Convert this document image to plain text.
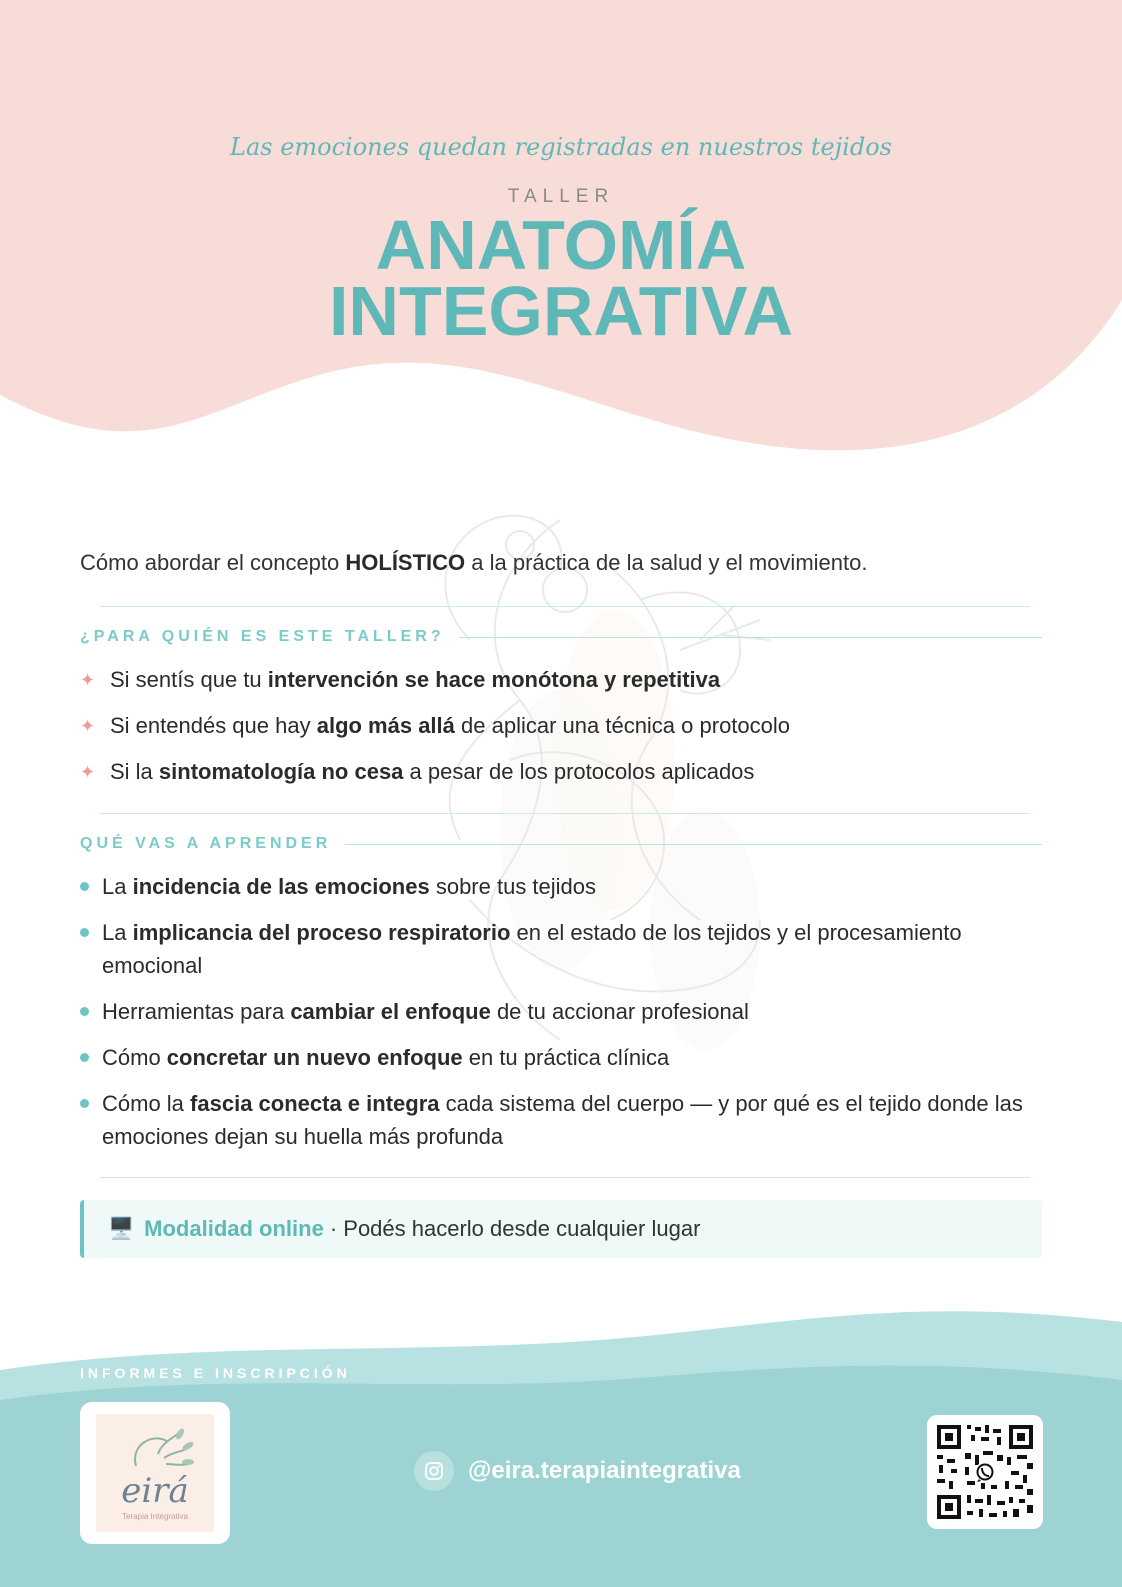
Las emociones quedan registradas en nuestros tejidos
TALLER
ANATOMÍA
INTEGRATIVA
Cómo abordar el concepto HOLÍSTICO a la práctica de la salud y el movimiento.
¿PARA QUIÉN ES ESTE TALLER?
✦ Si sentís que tu intervención se hace monótona y repetitiva
✦ Si entendés que hay algo más allá de aplicar una técnica o protocolo
✦ Si la sintomatología no cesa a pesar de los protocolos aplicados
QUÉ VAS A APRENDER
La incidencia de las emociones sobre tus tejidos
La implicancia del proceso respiratorio en el estado de los tejidos y el procesamiento emocional
Herramientas para cambiar el enfoque de tu accionar profesional
Cómo concretar un nuevo enfoque en tu práctica clínica
Cómo la fascia conecta e integra cada sistema del cuerpo — y por qué es el tejido donde las emociones dejan su huella más profunda
🖥️ Modalidad online · Podés hacerlo desde cualquier lugar
INFORMES E INSCRIPCIÓN
eirá
Terapia Integrativa
@eira.terapiaintegrativa
